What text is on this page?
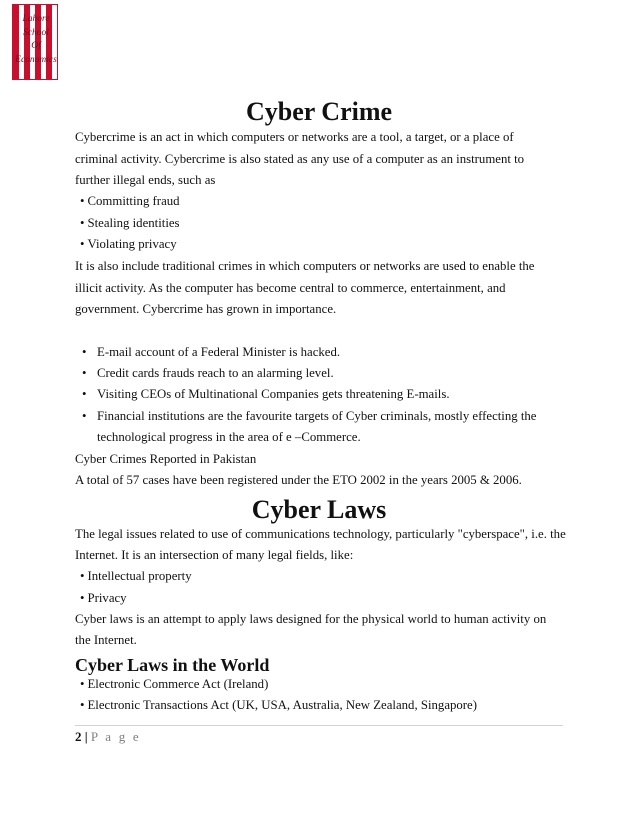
Lahore
School
Of
Economics
Cyber Crime
Cybercrime is an act in which computers or networks are a tool, a target, or a place of
criminal activity. Cybercrime is also stated as any use of a computer as an instrument to
further illegal ends, such as
• Committing fraud
• Stealing identities
• Violating privacy
It is also include traditional crimes in which computers or networks are used to enable the
illicit activity. As the computer has become central to commerce, entertainment, and
government. Cybercrime has grown in importance.
• E-mail account of a Federal Minister is hacked.
• Credit cards frauds reach to an alarming level.
• Visiting CEOs of Multinational Companies gets threatening E-mails.
• Financial institutions are the favourite targets of Cyber criminals, mostly effecting the
technological progress in the area of e –Commerce.
Cyber Crimes Reported in Pakistan
A total of 57 cases have been registered under the ETO 2002 in the years 2005 & 2006.
Cyber Laws
The legal issues related to use of communications technology, particularly "cyberspace", i.e. the
Internet. It is an intersection of many legal fields, like:
• Intellectual property
• Privacy
Cyber laws is an attempt to apply laws designed for the physical world to human activity on
the Internet.
Cyber Laws in the World
• Electronic Commerce Act (Ireland)
• Electronic Transactions Act (UK, USA, Australia, New Zealand, Singapore)
2 | P a g e
